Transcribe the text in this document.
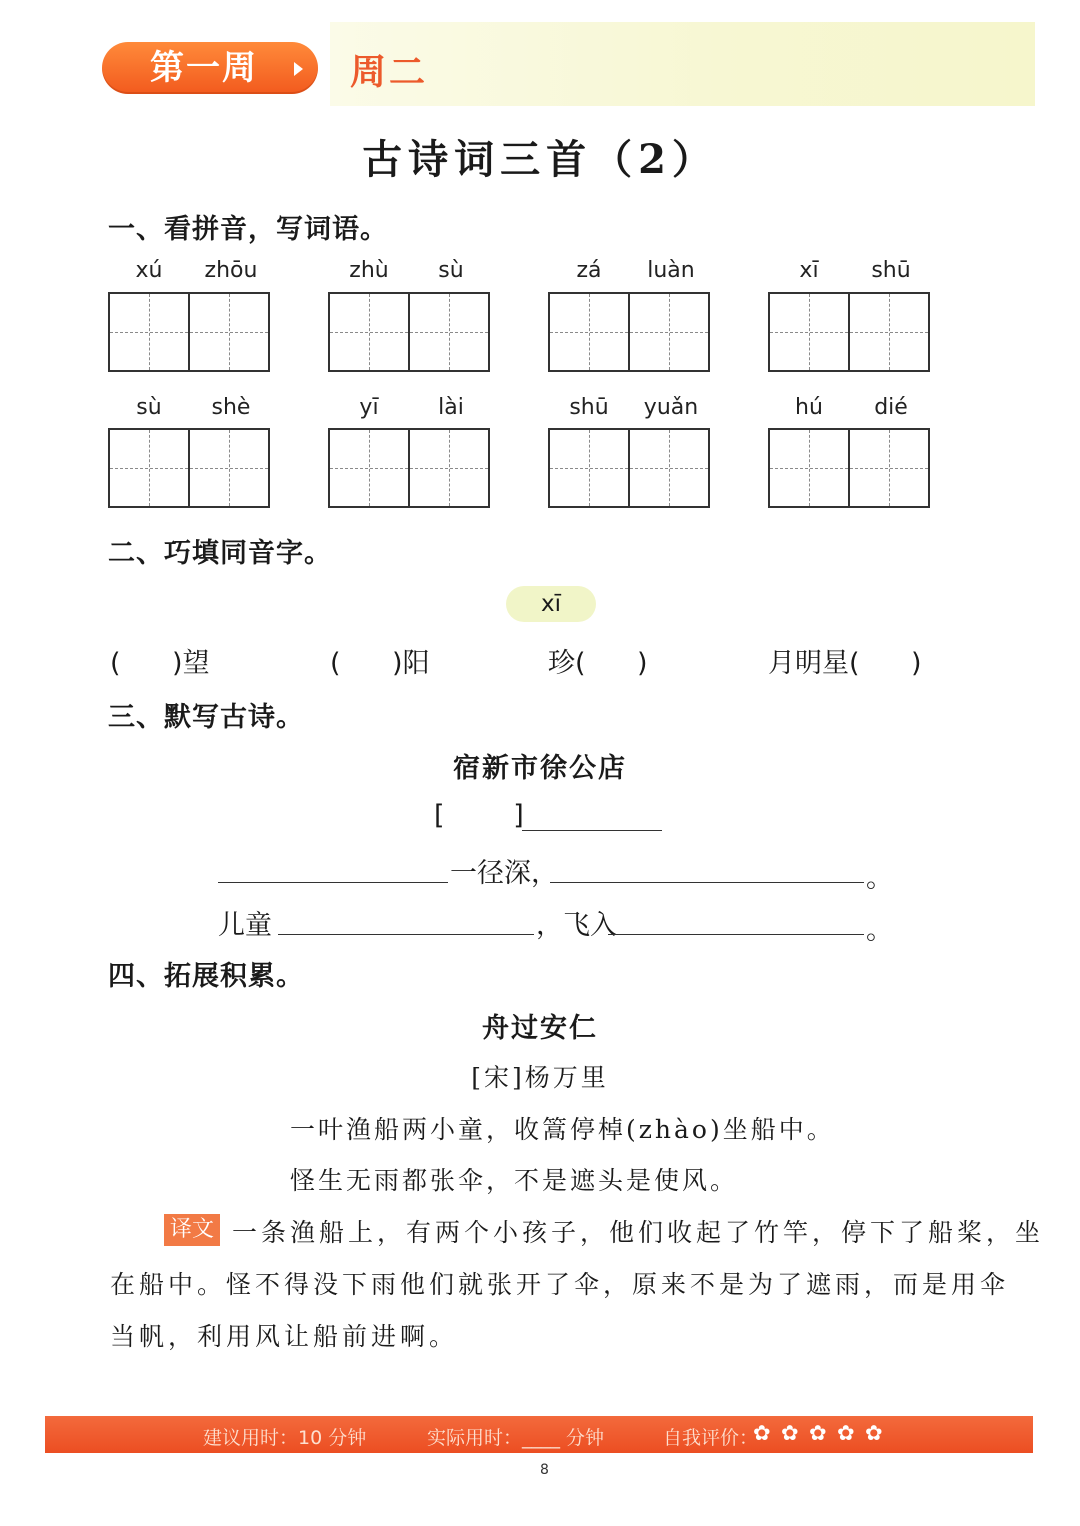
第一周	周二
古诗词三首（2）
一、看拼音，写词语。
xú	zhōu	zhù	sù	zá	luàn	xī	shū
sù	shè	yī	lài	shū	yuǎn	hú	dié
二、巧填同音字。
xī
(      )望	(      )阳	珍(      )	月明星(      )
三、默写古诗。
宿新市徐公店
[        ]
一径深，	。
儿童	，飞入	。
四、拓展积累。
舟过安仁
[宋]杨万里
一叶渔船两小童，收篙停棹(zhào)坐船中。
怪生无雨都张伞，不是遮头是使风。
译文 一条渔船上，有两个小孩子，他们收起了竹竿，停下了船桨，坐
在船中。怪不得没下雨他们就张开了伞，原来不是为了遮雨，而是用伞
当帆，利用风让船前进啊。
建议用时：10 分钟	实际用时：____ 分钟	自我评价：
✿ ✿ ✿ ✿ ✿
8
